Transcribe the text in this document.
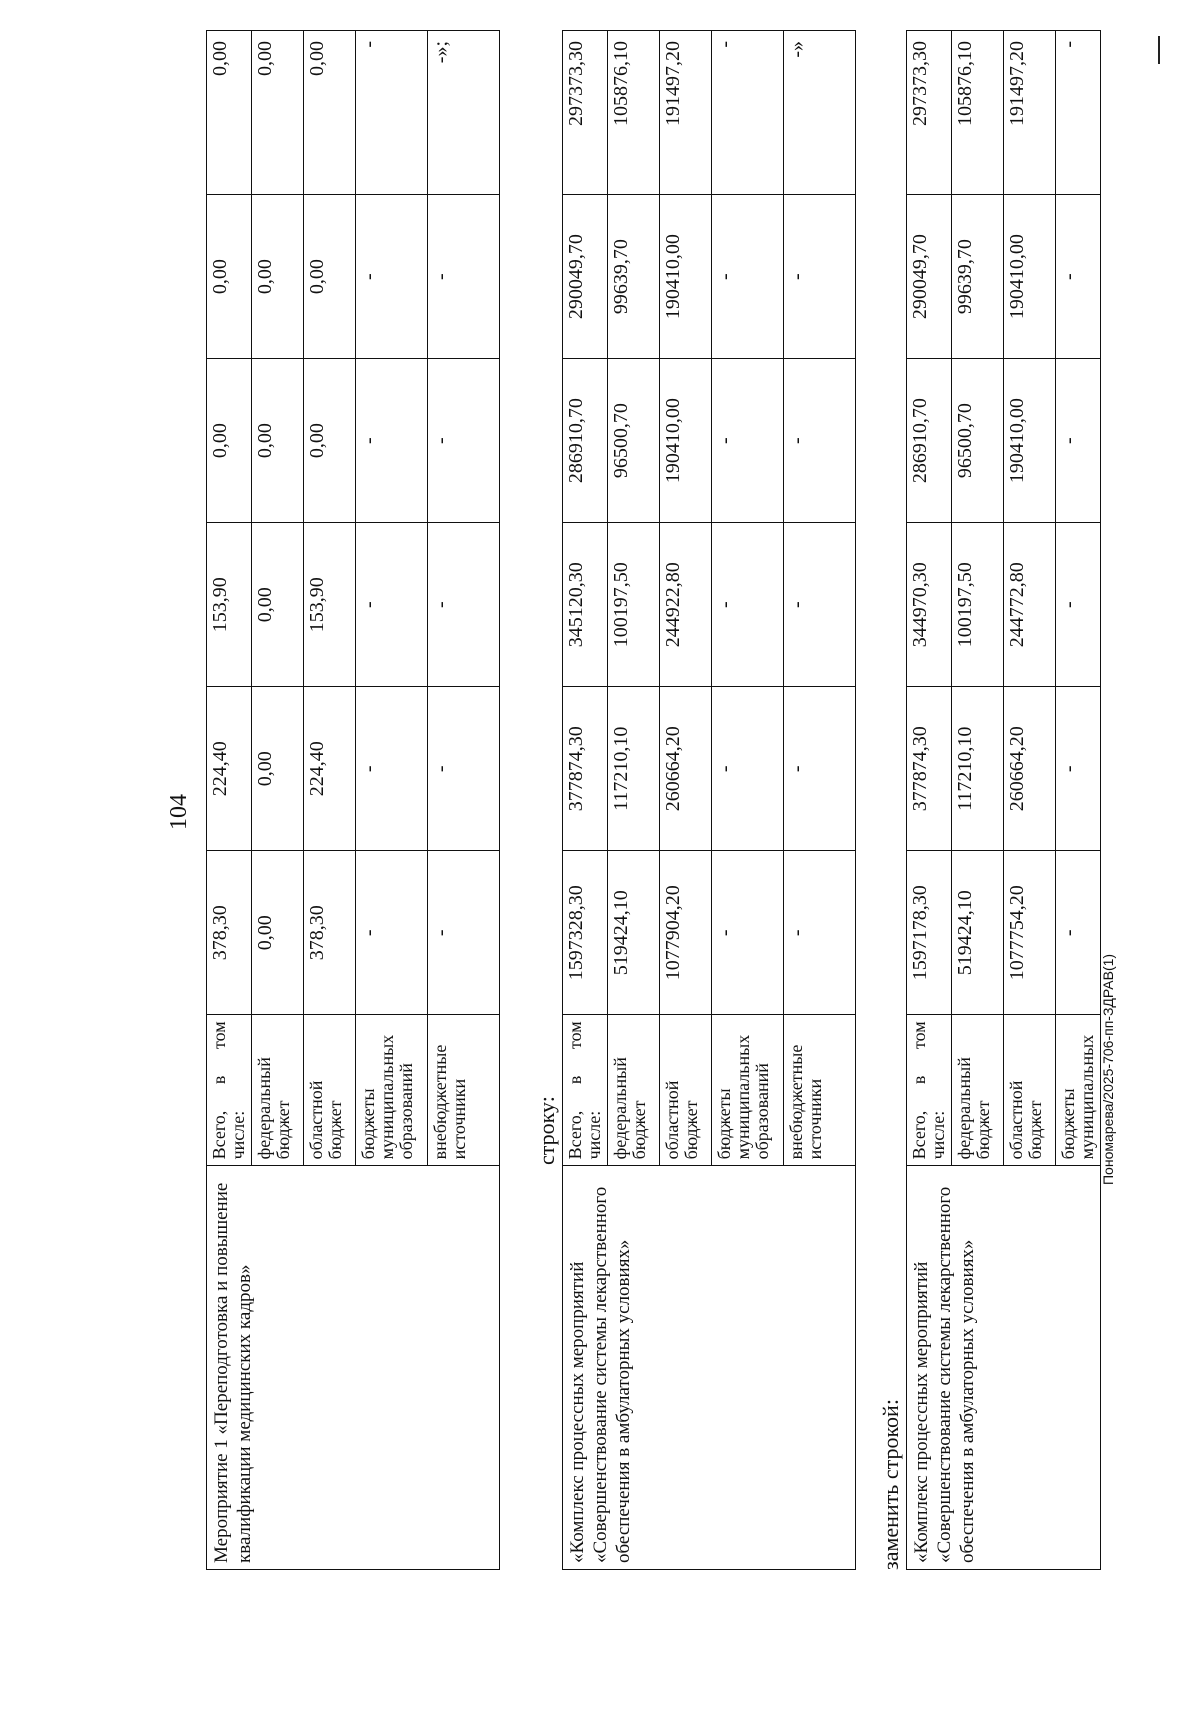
104

Мероприятие 1 «Переподготовка и повышение квалификации медицинских кадров»	Всего, в том числе:	378,30	224,40	153,90	0,00	0,00	0,00

	федеральный бюджет	0,00	0,00	0,00	0,00	0,00	0,00

	областной бюджет	378,30	224,40	153,90	0,00	0,00	0,00

	бюджеты муниципальных образований	-	-	-	-	-	-

	внебюджетные источники	-	-	-	-	-	-»;

строку:

«Комплекс процессных мероприятий «Совершенствование системы лекарственного обеспечения в амбулаторных условиях»	Всего, в том числе:	1597328,30	377874,30	345120,30	286910,70	290049,70	297373,30

	федеральный бюджет	519424,10	117210,10	100197,50	96500,70	99639,70	105876,10

	областной бюджет	1077904,20	260664,20	244922,80	190410,00	190410,00	191497,20

	бюджеты муниципальных образований	-	-	-	-	-	-

	внебюджетные источники	-	-	-	-	-	-»

заменить строкой: «Комплекс процессных мероприятий «Совершенствование системы лекарственного обеспечения в амбулаторных условиях»	Всего, в том числе:	1597178,30	377874,30	344970,30	286910,70	290049,70	297373,30

	федеральный бюджет	519424,10	117210,10	100197,50	96500,70	99639,70	105876,10

	областной бюджет	1077754,20	260664,20	244772,80	190410,00	190410,00	191497,20

	бюджеты муниципальных	-	-	-	-	-	-

Пономарева/2025-706-пп-ЗДРАВ(1)
